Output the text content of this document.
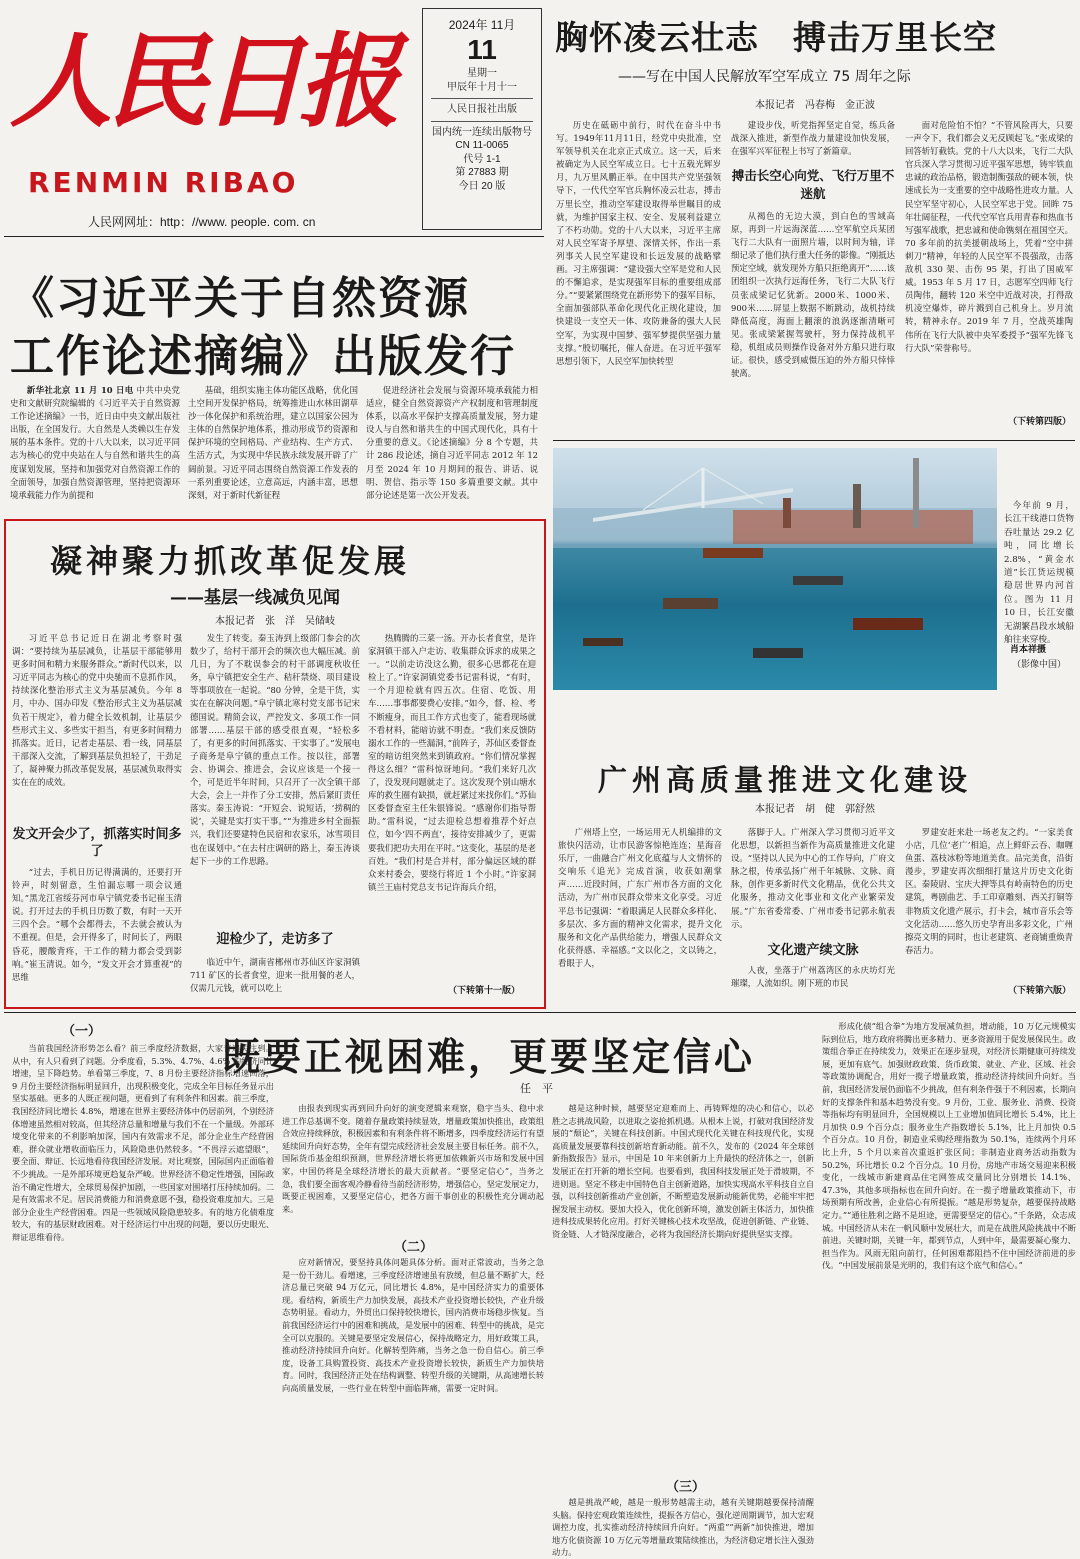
人民日报
RENMIN RIBAO
人民网网址：http：//www. people. com. cn
2024年 11月
11
星期一
甲辰年十月十一
人民日报社出版
国内统一连续出版物号
CN 11-0065
代号 1-1
第 27883 期
今日 20 版
胸怀凌云壮志　搏击万里长空
——写在中国人民解放军空军成立 75 周年之际
本报记者　冯春梅　金正波

历史在砥砺中前行，时代在奋斗中书写。1949年11月11日，经党中央批准，空军领导机关在北京正式成立。这一天，后来被确定为人民空军成立日。七十五载光辉岁月，九万里风鹏正举。在中国共产党坚强领导下，一代代空军官兵胸怀凌云壮志，搏击万里长空，推动空军建设取得举世瞩目的成就，为维护国家主权、安全、发展利益建立了不朽功勋。党的十八大以来，习近平主席对人民空军寄予厚望、深情关怀，作出一系列事关人民空军建设和长远发展的战略擘画。习主席强调：“建设强大空军是党和人民的不懈追求，是实现强军目标的重要组成部分。”“要紧紧围绕党在新形势下的强军目标，全面加强部队革命化现代化正规化建设，加快建设一支空天一体、攻防兼备的强大人民空军，为实现中国梦、强军梦提供坚强力量支撑。”殷切嘱托，催人奋进。在习近平强军思想引领下，人民空军加快转型

建设步伐，听党指挥坚定自觉，练兵备战深入推进，新型作战力量建设加快发展，在强军兴军征程上书写了新篇章。

搏击长空心向党、飞行万里不迷航

从褐色的无边大漠，到白色的雪域高原，再到一片远海深蓝……空军航空兵某团飞行二大队有一面照片墙，以时间为轴，详细记录了他们执行重大任务的影像。“刚抵达预定空域，就发现外方船只拒绝离开”……该团组织一次执行远海任务，飞行二大队飞行员张成梁记忆犹新。2000米、1000米、900米……屏显上数据不断跳动，战机持续降低高度，海面上翻滚的浪涡逐渐清晰可见。张成梁紧握驾驶杆，努力保持战机平稳，机组成员则操作设备对外方船只进行取证。很快，感受到威慑压迫的外方船只悻悻驶离。

面对危险怕不怕？“不管风险再大，只要一声令下，我们都会义无反顾起飞。”张成梁的回答斩钉截铁。党的十八大以来，飞行二大队官兵深入学习贯彻习近平强军思想，铸牢铁血忠诚的政治品格，锻造制衡强敌的硬本领，快速成长为一支重要的空中战略性进攻力量。人民空军坚守初心，人民空军忠于党。回眸 75 年壮阔征程，一代代空军官兵用青春和热血书写强军战歌，把忠诚和使命镌刻在祖国空天。70 多年前的抗美援朝战场上，凭着“空中拼刺刀”精神，年轻的人民空军不畏强敌，击落敌机 330 架、击伤 95 架，打出了国威军威。1953 年 5 月 17 日，志愿军空四师飞行员陶伟，翻转 120 米空中近战对决，打得敌机凌空爆炸，碎片溅到自己机身上。岁月流转，精神永存。2019 年 7 月，空战英雄陶伟所在飞行大队被中央军委授予“强军先锋飞行大队”荣誉称号。

（下转第四版）
《习近平关于自然资源
工作论述摘编》出版发行

新华社北京 11 月 10 日电 中共中央党史和文献研究院编辑的《习近平关于自然资源工作论述摘编》一书，近日由中央文献出版社出版，在全国发行。大自然是人类赖以生存发展的基本条件。党的十八大以来，以习近平同志为核心的党中央站在人与自然和谐共生的高度谋划发展，坚持和加强党对自然资源工作的全面领导，加强自然资源管理，坚持把资源环境承载能力作为前提和

基础，组织实施主体功能区战略，优化国土空间开发保护格局，统筹推进山水林田湖草沙一体化保护和系统治理，建立以国家公园为主体的自然保护地体系，推动形成节约资源和保护环境的空间格局、产业结构、生产方式、生活方式，为实现中华民族永续发展开辟了广阔前景。习近平同志围绕自然资源工作发表的一系列重要论述，立意高远，内涵丰富，思想深刻，对于新时代新征程

促进经济社会发展与资源环境承载能力相适应，健全自然资源资产产权制度和管理制度体系，以高水平保护支撑高质量发展，努力建设人与自然和谐共生的中国式现代化，具有十分重要的意义。《论述摘编》分 8 个专题，共计 286 段论述，摘自习近平同志 2012 年 12 月至 2024 年 10 月期间的报告、讲话、说明、贺信、指示等 150 多篇重要文献。其中部分论述是第一次公开发表。

凝神聚力抓改革促发展
——基层一线减负见闻
本报记者　张　洋　吴储岐

习近平总书记近日在湖北考察时强调：“要持续为基层减负，让基层干部能够用更多时间和精力来服务群众。”新时代以来，以习近平同志为核心的党中央驰而不息抓作风，持续深化整治形式主义为基层减负。今年 8 月，中办、国办印发《整治形式主义为基层减负若干规定》，着力健全长效机制，让基层少些形式主义、多些实干担当，有更多时间精力抓落实。近日，记者走基层、看一线，同基层干部深入交流，了解到基层负担轻了，干劲足了，凝神聚力抓改革促发展，基层减负取得实实在在的成效。

发文开会少了，抓落实时间多了

“过去，手机日历记得满满的，还要打开铃声，时刻留意，生怕漏忘哪一项会议通知。”黑龙江省绥芬河市阜宁镇党委书记崔玉清说。打开过去的手机日历数了数，有时一天开三四个会。“哪个会都得去，不去就会被认为不重视。但是，会开得多了，时间长了，两眼昏花，腰酸背疼，干工作的精力都会受到影响。”崔玉清说。如今，“发文开会才算重视”的思维

发生了转变。秦玉涛到上级部门参会的次数少了，给村干部开会的频次也大幅压减。前几日，为了不耽误参会的村干部调度秋收任务，阜宁镇把安全生产、秸秆禁烧、项目建设等事项放在一起说。“80 分钟，全是干货，实实在在解决问题。”阜宁镇北寒村党支部书记宋德国说。精简会议，严控发文、多项工作一同部署……基层干部的感受很直观，“轻松多了，有更多的时间抓落实、干实事了。”发展电子商务是阜宁镇的重点工作。按以往，部署会、协调会、推进会，会议应该是一个接一个，可是近半年时间，只召开了一次全镇干部大会，会上一并作了分工安排，然后紧盯责任落实。秦玉涛说：“开短会、说短话，‘捞稠的说’，关键是实打实干事。”“为推进乡村全面振兴，我们还要建特色民宿和农家乐，冰雪项目也在谋划中。”在去村庄调研的路上，秦玉涛谈起下一步的工作思路。

迎检少了，走访多了

临近中午，湖南省郴州市苏仙区许家洞镇 711 矿区的长者食堂，迎来一批用餐的老人，仅需几元钱，就可以吃上

热腾腾的三菜一汤。开办长者食堂，是许家洞镇干部入户走访、收集群众诉求的成果之一。“以前走访没这么勤，很多心思都花在迎检上了。”许家洞镇党委书记雷科说，“有时，一个月迎检就有四五次。住宿、吃饭、用车……事事都要费心安排。”如今，督、检、考不断瘦身，而且工作方式也变了，能看现场就不看材料，能暗访就不明查。“我们来反馈防溺水工作的一些漏洞，”前阵子，苏仙区委督查室的暗访组突然来到镇政府。“你们情况掌握得这么细？”雷科惊讶地问。“我们来好几次了，没发现问题就走了。这次发现个别山塘水库的救生圈有缺损，就赶紧过来找你们。”苏仙区委督查室主任朱银锋说。“感谢你们指导帮助。”雷科说，“过去迎检总想着推荐个好点位，如今‘四不两直’，接待安排减少了，更需要我们把功夫用在平时。”这变化，基层的是老百姓。“我们村是合并村，部分偏远区域的群众来村委会，要绕行将近 1 个小时。”许家洞镇兰王庙村党总支书记许海兵介绍，

（下转第十一版）

今年前 9 月，长江干线港口货物吞吐量达 29.2 亿吨，同比增长 2.8%，“黄金水道”长江货运规模稳居世界内河首位。图为 11 月 10 日，长江安徽无湖繁昌段水域船舶往来穿梭。

肖本祥摄
（影像中国）
广州高质量推进文化建设
本报记者　胡　健　郭舒然

广州塔上空，一场运用无人机编排的文旅快闪活动，让市民游客惊艳连连；星海音乐厅，一曲融合广州文化底蕴与人文情怀的交响乐《追光》完成首演，收获如潮掌声……近段时间，广东广州市各方面的文化活动，为广州市民群众带来文化享受。习近平总书记强调：“着眼满足人民群众多样化、多层次、多方面的精神文化需求，提升文化服务和文化产品供给能力，增强人民群众文化获得感、幸福感。”文以化之，文以铸之，看眼于人，

落脚于人。广州深入学习贯彻习近平文化思想，以新担当新作为高质量推进文化建设。“坚持以人民为中心的工作导向，广府文脉之根，传承弘扬广州千年城脉、文脉、商脉，创作更多新时代文化精品，优化公共文化服务，推动文化事业和文化产业繁荣发展。”广东省委常委、广州市委书记郭永航表示。

文化遗产续文脉

人夜，坐落于广州荔湾区的永庆坊灯光璀璨，人流如织。刚下班的市民

罗建安赶来赴一场老友之约。“一家美食小店，几位‘老广’相追，点上鲜虾云吞、咖喱鱼蛋、荔枝冰粉等地道美食。品完美食，沿街漫步，罗建安再次细细打量这片历史文化街区。秦陵尉、宝庆大押等具有岭南特色的历史建筑，粤剧曲艺、手工印章雕刻、西关打铜等非物质文化遗产展示，打卡会，城市音乐会等文化活动……悠久历史孕育出多彩文化，广州擦亮文明的同时，也让老建筑、老商铺重焕青春活力。

（下转第六版）
（一）
既要正视困难，更要坚定信心
任　平

当前我国经济形势怎么看？前三季度经济数据，大家普遍关注到。从中，有人只看到了问题。分季度看，5.3%、4.7%、4.6% 的经济同比增速，呈下降趋势。单看第三季度，7、8 月份主要经济指标增速回落，9 月份主要经济指标明显回升，出现积极变化，完成全年目标任务显示出坚实基础。更多的人既正视问题，更看到了有利条件和因素。前三季度，我国经济同比增长 4.8%，增速在世界主要经济体中仍居前列，个别经济体增速虽然相对较高，但其经济总量和增量与我们不在一个量级。外部环境变化带来的不利影响加深，国内有效需求不足，部分企业生产经营困难，群众就业增收面临压力，风险隐患仍然较多。“不畏浮云遮望眼”，要全面、辩证、长远地看待我国经济发展。对比观察，国际国内正面临着不少挑战。一是外部环境更趋复杂严峻。世界经济不稳定性增强，国际政治不确定性增大，全球贸易保护加剧，一些国家对围堵打压持续加码。二是有效需求不足。居民消费能力和消费意愿不强，稳投资难度加大。三是部分企业生产经营困难。四是一些领域风险隐患较多。有的地方化债难度较大，有的基层财政困难。对于经济运行中出现的问题，要以历史眼光、辩证思维看待。

由报表到现实再到回升向好的演变逻辑来观察，稳字当头、稳中求进工作总基调不变。随着存量政策持续显效，增量政策加快推出，政策组合效应持续释放，积极因素和有利条件将不断增多，四季度经济运行有望延续回升向好态势，全年有望完成经济社会发展主要目标任务。前不久，国际货币基金组织预测，世界经济增长将更加依赖新兴市场和发展中国家，中国仍将是全球经济增长的最大贡献者。“要坚定信心”，当务之急，我们要全面客观冷静看待当前经济形势，增强信心，坚定发展定力，既要正视困难，又要坚定信心，把各方面干事创业的积极性充分调动起来。

（二）

应对新情况，要坚持具体问题具体分析。面对正常波动，当务之急是一份干劲儿。看增速，三季度经济增速虽有放缓，但总量不断扩大，经济总量已突破 94 万亿元，同比增长 4.8%，是中国经济实力的重要体现。看结构，新质生产力加快发展，高技术产业投资增长较快，产业升级态势明显。看动力，外贸出口保持较快增长，国内消费市场稳步恢复。当前我国经济运行中的困难和挑战，是发展中的困难、转型中的挑战，是完全可以克服的。关键是要坚定发展信心，保持战略定力，用好政策工具，推动经济持续回升向好。化解转型阵痛，当务之急一份自信心。前三季度，设备工具购置投资、高技术产业投资增长较快，新质生产力加快培育。同时，我国经济正处在结构调整、转型升级的关键期，从高速增长转向高质量发展，一些行业在转型中面临阵痛，需要一定时间。

越是这种时候，越要坚定迎难而上、再铸辉煌的决心和信心，以必胜之志挑战风险，以进取之姿抢抓机遇。从根本上说，打破对我国经济发展的“颓论”，关键在科技创新。中国式现代化关键在科技现代化，实现高质量发展要靠科技创新培育新动能。前不久，发布的《2024 年全球创新指数报告》显示，中国是 10 年来创新力上升最快的经济体之一，创新发展正在打开新的增长空间。也要看到，我国科技发展正处于滑坡期，不进则退。坚定不移走中国特色自主创新道路，加快实现高水平科技自立自强，以科技创新推动产业创新，不断塑造发展新动能新优势，必能牢牢把握发展主动权。要加大投入，优化创新环境，激发创新主体活力，加快推进科技成果转化应用。打好关键核心技术攻坚战，促进创新链、产业链、资金链、人才链深度融合，必将为我国经济长期向好提供坚实支撑。

（三）

越是挑战严峻，越是一般形势越需主动，越有关键期越要保持清醒头脑。保持宏观政策连续性，提振各方信心，强化逆周期调节，加大宏观调控力度，扎实推动经济持续回升向好。“两重”“两新”加快推进，增加地方化债资源 10 万亿元等增量政策陆续推出，为经济稳定增长注入强劲动力。

形成化债“组合拳”为地方发展减负担，增动能，10 万亿元规模实际到位后，地方政府将腾出更多精力、更多资源用于促发展保民生。政策组合拳正在持续发力，效果正在逐步显现，对经济长期健康可持续发展，更加有底气。加强财政政策、货币政策、就业、产业、区域、社会等政策协调配合，用好一揽子增量政策，推动经济持续回升向好。当前，我国经济发展仍面临不少挑战，但有利条件强于不利因素，长期向好的支撑条件和基本趋势没有变。9 月份，工业、服务业、消费、投资等指标均有明显回升，全国规模以上工业增加值同比增长 5.4%，比上月加快 0.9 个百分点；服务业生产指数增长 5.1%，比上月加快 0.5 个百分点。10 月份，制造业采购经理指数为 50.1%，连续两个月环比上升，5 个月以来首次重返扩张区间；非制造业商务活动指数为 50.2%，环比增长 0.2 个百分点。10 月份，房地产市场交易迎来积极变化，一线城市新建商品住宅网签成交量同比分别增长 14.1%、47.3%，其他多项指标也在回升向好。在一揽子增量政策推动下，市场预期有所改善，企业信心有所提振。“越是形势复杂，越要保持战略定力。”“通往胜利之路不是坦途，更需要坚定的信心。”千条路，众志成城。中国经济从未在一帆风顺中发展壮大，而是在战胜风险挑战中不断前进。关键时期，关键一年，都到节点，人到中年，最需要凝心聚力、担当作为。风雨无阻向前行，任何困难都阻挡不住中国经济前进的步伐。“中国发展前景是光明的，我们有这个底气和信心。”
